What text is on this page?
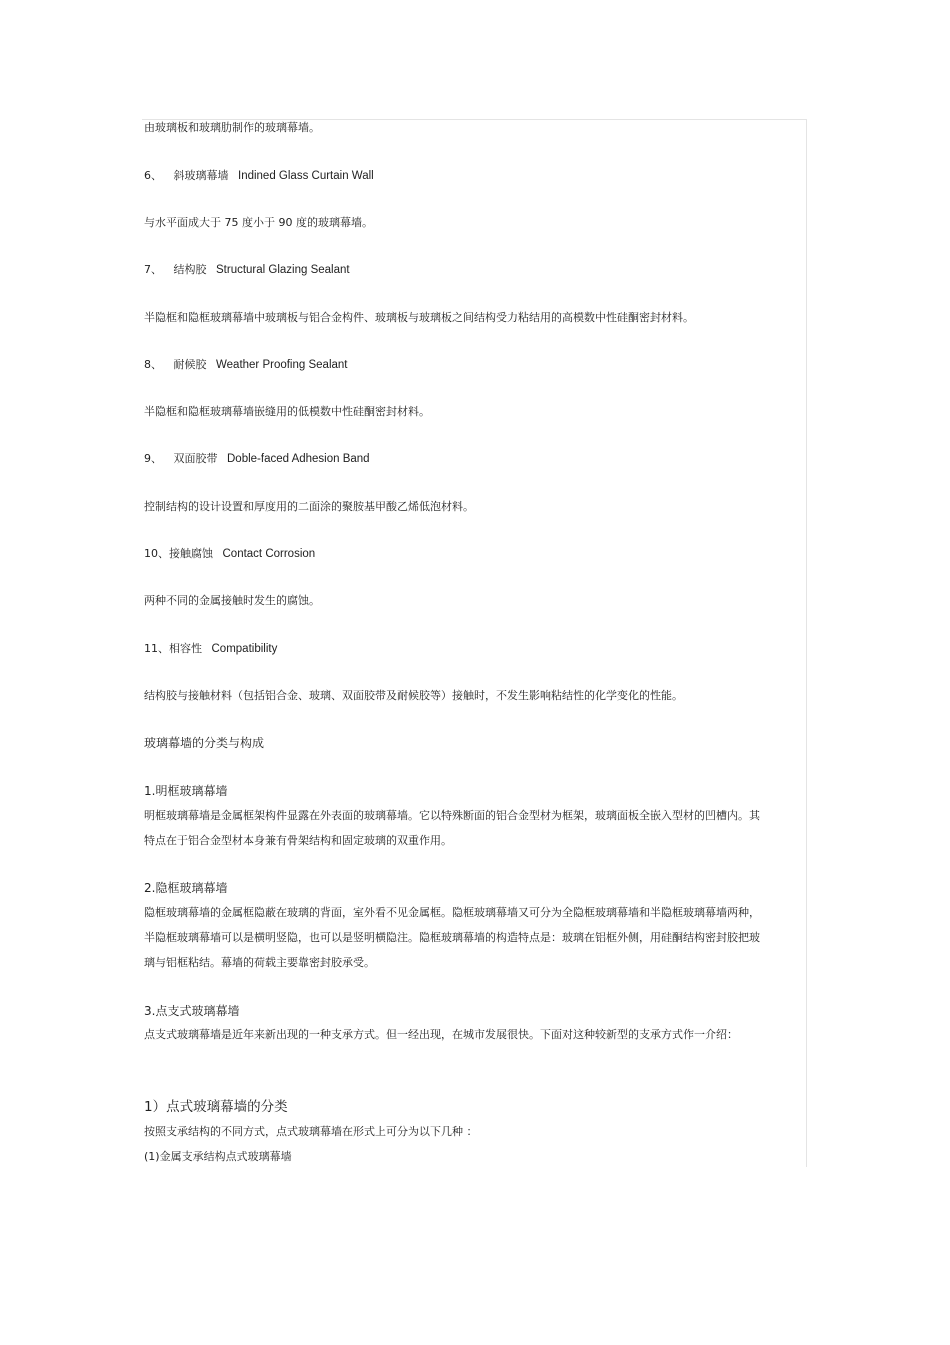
由玻璃板和玻璃肋制作的玻璃幕墙。
6、 斜玻璃幕墙 Indined Glass Curtain Wall
与水平面成大于 75 度小于 90 度的玻璃幕墙。
7、 结构胶 Structural Glazing Sealant
半隐框和隐框玻璃幕墙中玻璃板与铝合金构件、玻璃板与玻璃板之间结构受力粘结用的高模数中性硅酮密封材料。
8、 耐候胶 Weather Proofing Sealant
半隐框和隐框玻璃幕墙嵌缝用的低模数中性硅酮密封材料。
9、 双面胶带 Doble-faced Adhesion Band
控制结构的设计设置和厚度用的二面涂的聚胺基甲酸乙烯低泡材料。
10、接触腐蚀 Contact Corrosion
两种不同的金属接触时发生的腐蚀。
11、相容性 Compatibility
结构胶与接触材料（包括铝合金、玻璃、双面胶带及耐候胶等）接触时，不发生影响粘结性的化学变化的性能。
玻璃幕墙的分类与构成
1.明框玻璃幕墙
明框玻璃幕墙是金属框架构件显露在外表面的玻璃幕墙。它以特殊断面的铝合金型材为框架，玻璃面板全嵌入型材的凹槽内。其特点在于铝合金型材本身兼有骨架结构和固定玻璃的双重作用。
2.隐框玻璃幕墙
隐框玻璃幕墙的金属框隐蔽在玻璃的背面，室外看不见金属框。隐框玻璃幕墙又可分为全隐框玻璃幕墙和半隐框玻璃幕墙两种，半隐框玻璃幕墙可以是横明竖隐，也可以是竖明横隐注。隐框玻璃幕墙的构造特点是：玻璃在铝框外侧，用硅酮结构密封胶把玻璃与铝框粘结。幕墙的荷载主要靠密封胶承受。
3.点支式玻璃幕墙
点支式玻璃幕墙是近年来新出现的一种支承方式。但一经出现，在城市发展很快。下面对这种较新型的支承方式作一介绍：
1）点式玻璃幕墙的分类
按照支承结构的不同方式，点式玻璃幕墙在形式上可分为以下几种 ：
(1)金属支承结构点式玻璃幕墙
